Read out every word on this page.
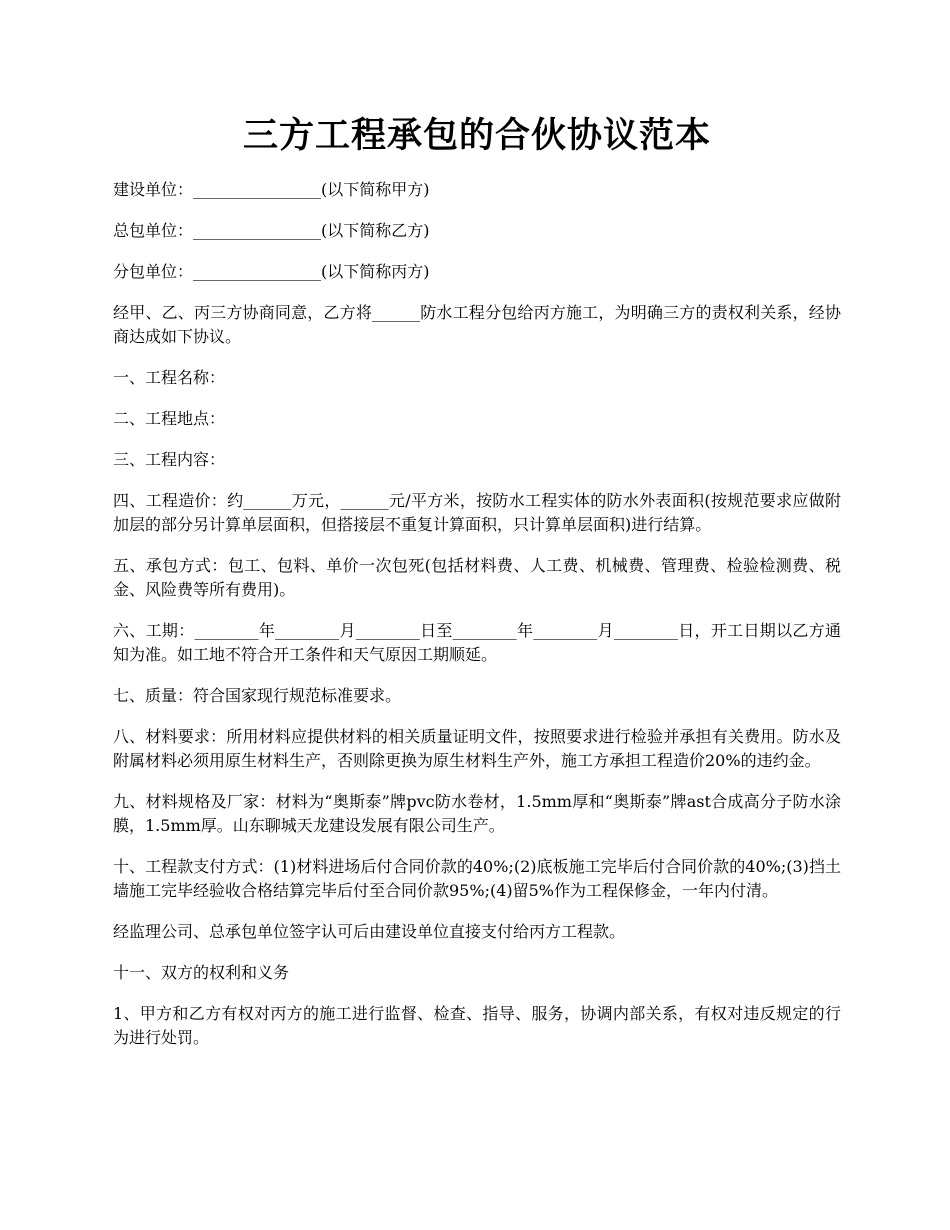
三方工程承包的合伙协议范本

建设单位：________________(以下简称甲方)

总包单位：________________(以下简称乙方)

分包单位：________________(以下简称丙方)

经甲、乙、丙三方协商同意，乙方将______防水工程分包给丙方施工，为明确三方的责权利关系，经协商达成如下协议。

一、工程名称：

二、工程地点：

三、工程内容：

四、工程造价：约______万元，______元/平方米，按防水工程实体的防水外表面积(按规范要求应做附加层的部分另计算单层面积，但搭接层不重复计算面积，只计算单层面积)进行结算。

五、承包方式：包工、包料、单价一次包死(包括材料费、人工费、机械费、管理费、检验检测费、税金、风险费等所有费用)。

六、工期：________年________月________日至________年________月________日，开工日期以乙方通知为准。如工地不符合开工条件和天气原因工期顺延。

七、质量：符合国家现行规范标准要求。

八、材料要求：所用材料应提供材料的相关质量证明文件，按照要求进行检验并承担有关费用。防水及附属材料必须用原生材料生产，否则除更换为原生材料生产外，施工方承担工程造价20%的违约金。

九、材料规格及厂家：材料为“奥斯泰”牌pvc防水卷材，1.5mm厚和“奥斯泰”牌ast合成高分子防水涂膜，1.5mm厚。山东聊城天龙建设发展有限公司生产。

十、工程款支付方式：(1)材料进场后付合同价款的40%;(2)底板施工完毕后付合同价款的40%;(3)挡土墙施工完毕经验收合格结算完毕后付至合同价款95%;(4)留5%作为工程保修金，一年内付清。

经监理公司、总承包单位签字认可后由建设单位直接支付给丙方工程款。

十一、双方的权利和义务

1、甲方和乙方有权对丙方的施工进行监督、检查、指导、服务，协调内部关系，有权对违反规定的行为进行处罚。
